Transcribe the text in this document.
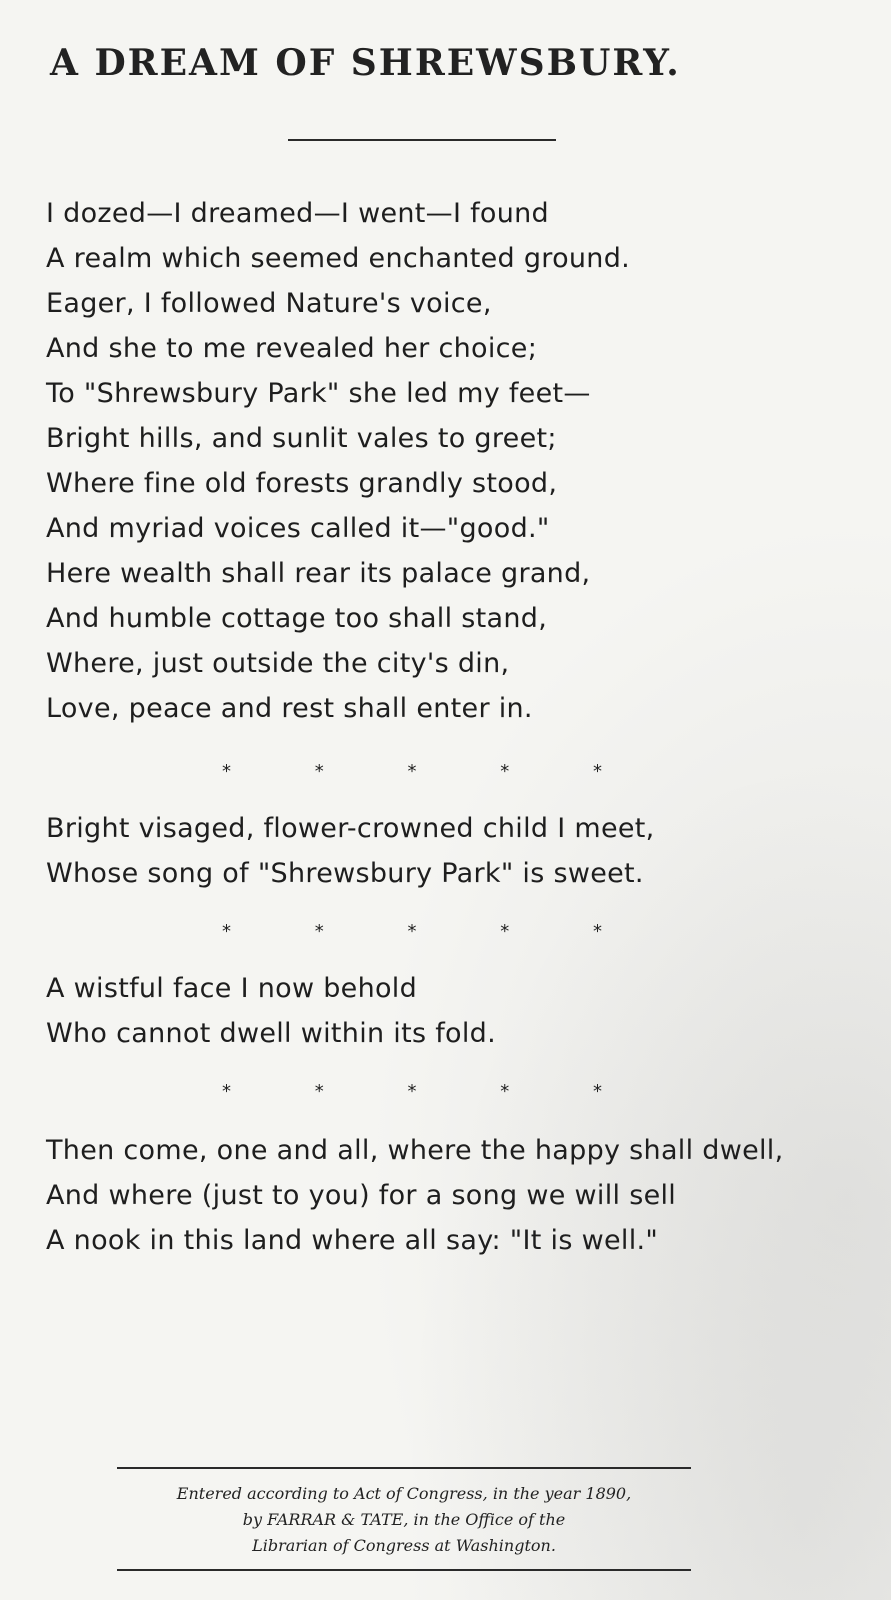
A DREAM OF SHREWSBURY.
I dozed—I dreamed—I went—I found
A realm which seemed enchanted ground.
Eager, I followed Nature's voice,
And she to me revealed her choice;
To "Shrewsbury Park" she led my feet—
Bright hills, and sunlit vales to greet;
Where fine old forests grandly stood,
And myriad voices called it—"good."
Here wealth shall rear its palace grand,
And humble cottage too shall stand,
Where, just outside the city's din,
Love, peace and rest shall enter in.
*	*	*	*	*
Bright visaged, flower-crowned child I meet,
Whose song of "Shrewsbury Park" is sweet.
*	*	*	*	*
A wistful face I now behold
Who cannot dwell within its fold.
*	*	*	*	*
Then come, one and all, where the happy shall dwell,
And where (just to you) for a song we will sell
A nook in this land where all say: "It is well."
Entered according to Act of Congress, in the year 1890,
by FARRAR & TATE, in the Office of the
Librarian of Congress at Washington.
